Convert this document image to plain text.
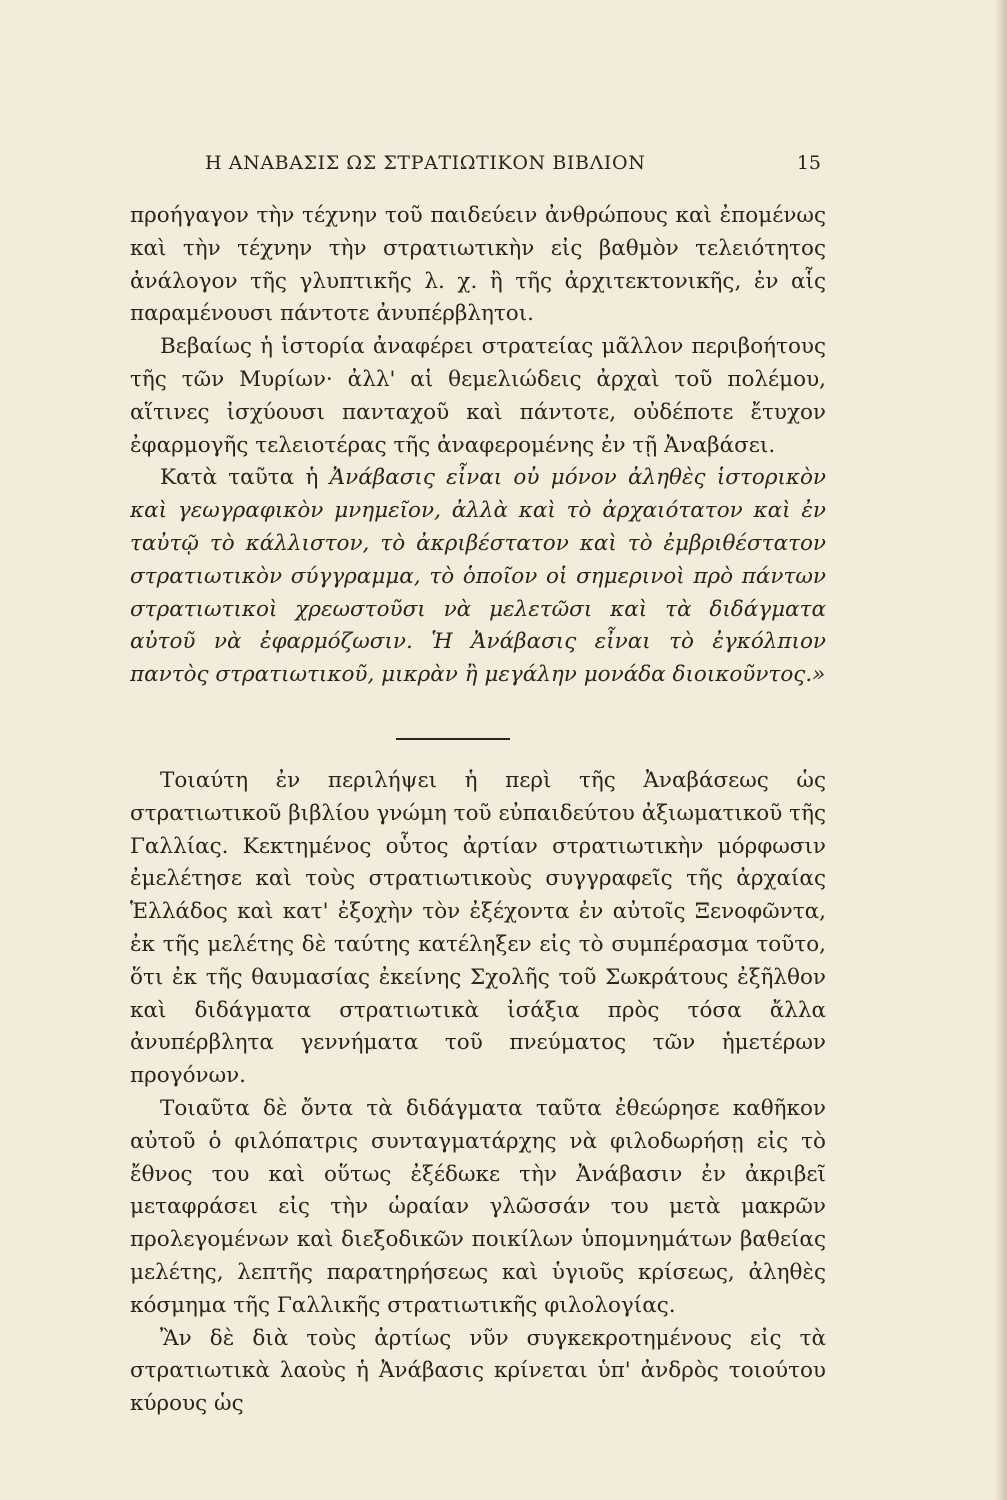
Η ΑΝΑΒΑΣΙΣ ΩΣ ΣΤΡΑΤΙΩΤΙΚΟΝ ΒΙΒΛΙΟΝ	15

προήγαγον τὴν τέχνην τοῦ παιδεύειν ἀνθρώπους καὶ ἐπομένως καὶ τὴν τέχνην τὴν στρατιωτικὴν εἰς βαθμὸν τελειότητος ἀνάλογον τῆς γλυπτικῆς λ. χ. ἢ τῆς ἀρχιτεκτονικῆς, ἐν αἷς παραμένουσι πάντοτε ἀνυπέρβλητοι.

Βεβαίως ἡ ἱστορία ἀναφέρει στρατείας μᾶλλον περιβοήτους τῆς τῶν Μυρίων· ἀλλ' αἱ θεμελιώδεις ἀρχαὶ τοῦ πολέμου, αἵτινες ἰσχύουσι πανταχοῦ καὶ πάντοτε, οὐδέποτε ἔτυχον ἐφαρμογῆς τελειοτέρας τῆς ἀναφερομένης ἐν τῇ Ἀναβάσει.

Κατὰ ταῦτα ἡ Ἀνάβασις εἶναι οὐ μόνον ἀληθὲς ἱστορικὸν καὶ γεωγραφικὸν μνημεῖον, ἀλλὰ καὶ τὸ ἀρχαιότατον καὶ ἐν ταὐτῷ τὸ κάλλιστον, τὸ ἀκριβέστατον καὶ τὸ ἐμβριθέστατον στρατιωτικὸν σύγγραμμα, τὸ ὁποῖον οἱ σημερινοὶ πρὸ πάντων στρατιωτικοὶ χρεωστοῦσι νὰ μελετῶσι καὶ τὰ διδάγματα αὐτοῦ νὰ ἐφαρμόζωσιν. Ἡ Ἀνάβασις εἶναι τὸ ἐγκόλπιον παντὸς στρατιωτικοῦ, μικρὰν ἢ μεγάλην μονάδα διοικοῦντος.»

Τοιαύτη ἐν περιλήψει ἡ περὶ τῆς Ἀναβάσεως ὡς στρατιωτικοῦ βιβλίου γνώμη τοῦ εὐπαιδεύτου ἀξιωματικοῦ τῆς Γαλλίας. Κεκτημένος οὗτος ἀρτίαν στρατιωτικὴν μόρφωσιν ἐμελέτησε καὶ τοὺς στρατιωτικοὺς συγγραφεῖς τῆς ἀρχαίας Ἑλλάδος καὶ κατ' ἐξοχὴν τὸν ἐξέχοντα ἐν αὐτοῖς Ξενοφῶντα, ἐκ τῆς μελέτης δὲ ταύτης κατέληξεν εἰς τὸ συμπέρασμα τοῦτο, ὅτι ἐκ τῆς θαυμασίας ἐκείνης Σχολῆς τοῦ Σωκράτους ἐξῆλθον καὶ διδάγματα στρατιωτικὰ ἰσάξια πρὸς τόσα ἄλλα ἀνυπέρβλητα γεννήματα τοῦ πνεύματος τῶν ἡμετέρων προγόνων.

Τοιαῦτα δὲ ὄντα τὰ διδάγματα ταῦτα ἐθεώρησε καθῆκον αὐτοῦ ὁ φιλόπατρις συνταγματάρχης νὰ φιλοδωρήσῃ εἰς τὸ ἔθνος του καὶ οὕτως ἐξέδωκε τὴν Ἀνάβασιν ἐν ἀκριβεῖ μεταφράσει εἰς τὴν ὡραίαν γλῶσσάν του μετὰ μακρῶν προλεγομένων καὶ διεξοδικῶν ποικίλων ὑπομνημάτων βαθείας μελέτης, λεπτῆς παρατηρήσεως καὶ ὑγιοῦς κρίσεως, ἀληθὲς κόσμημα τῆς Γαλλικῆς στρατιωτικῆς φιλολογίας.

Ἂν δὲ διὰ τοὺς ἀρτίως νῦν συγκεκροτημένους εἰς τὰ στρατιωτικὰ λαοὺς ἡ Ἀνάβασις κρίνεται ὑπ' ἀνδρὸς τοιούτου κύρους ὡς
